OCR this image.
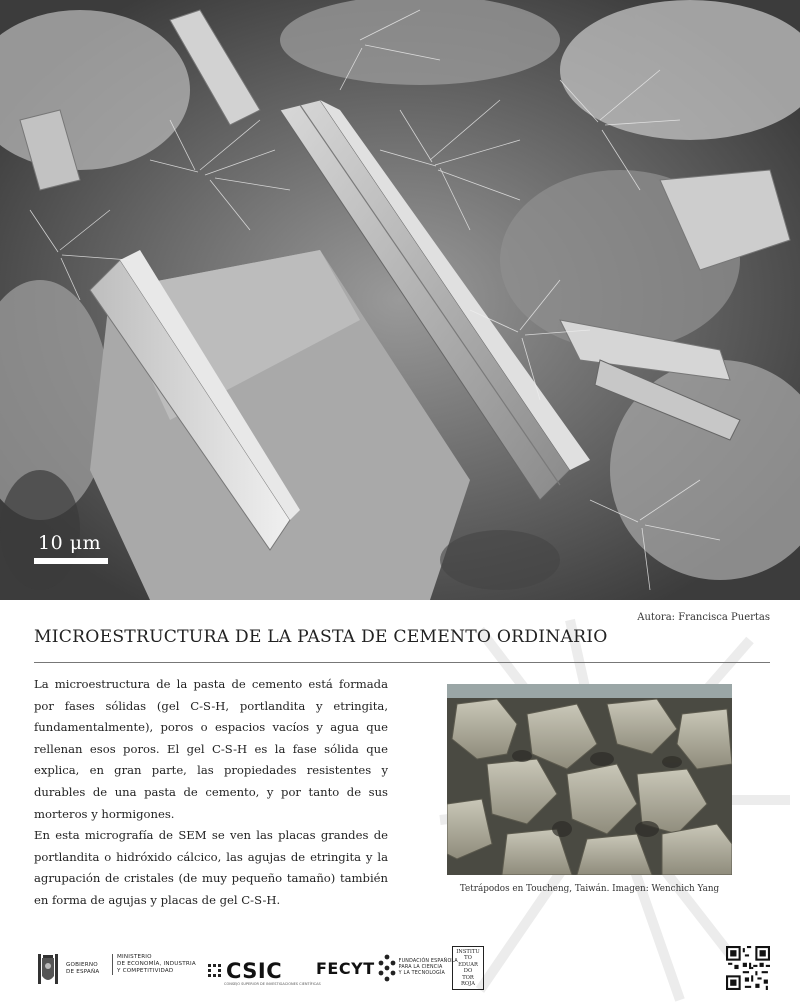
10 μm
Autora: Francisca Puertas
MICROESTRUCTURA DE LA PASTA DE CEMENTO ORDINARIO

La microestructura de la pasta de cemento está formada por fases sólidas (gel C-S-H, portlandita y etringita, fundamentalmente), poros o espacios vacíos y agua que rellenan esos poros. El gel C-S-H es la fase sólida que explica, en gran parte, las propiedades resistentes y durables de una pasta de cemento, y por tanto de sus morteros y hormigones.

En esta micrografía de SEM se ven las placas grandes de portlandita o hidróxido cálcico, las agujas de etringita y la agrupación de cristales (de muy pequeño tamaño) también en forma de agujas y placas de gel C-S-H.

Tetrápodos en Toucheng, Taiwán. Imagen: Wenchich Yang
GOBIERNO
DE ESPAÑA
MINISTERIO
DE ECONOMÍA, INDUSTRIA
Y COMPETITIVIDAD	CSIC
CONSEJO SUPERIOR DE INVESTIGACIONES CIENTÍFICAS
FECYT	FUNDACIÓN ESPAÑOLA
PARA LA CIENCIA
Y LA TECNOLOGÍA
INSTITU
TO
EDUAR
DO
TOR
ROJA
